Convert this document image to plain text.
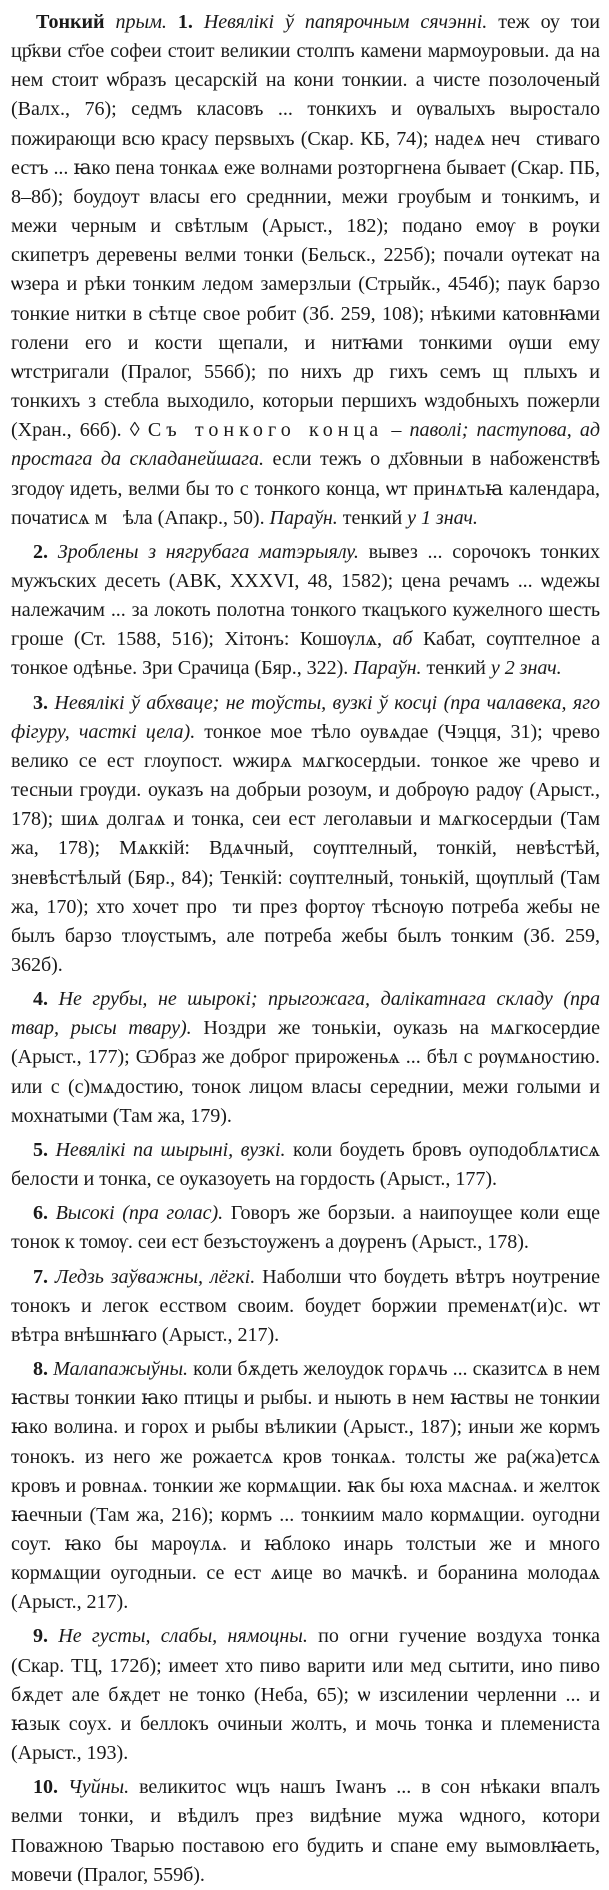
Тонкий прым. 1. Невялікі ў папярочным сячэнні. теж оу тои цр҃кви ст҃ое софеи стоит великии столпъ камени мармоуровыи. да на нем стоит ѡбразъ цесарскій на кони тонкии. а чисте позолоченый (Валх., 76); седмъ класовъ ... тонкихъ и ѹвалыхъ выростало пожирающи всю красу перѕвыхъ (Скар. КБ, 74); надеѧ неч꙯стиваго естъ ... ꙗко пена тонкаѧ еже волнами розторгнена бывает (Скар. ПБ, 8–8б); боудоут власы его средннии, межи гроубым и тонкимъ, и межи черным и свѣтлым (Арыст., 182); подано емѹ в рѹки скипетръ деревены велми тонки (Бельск., 225б); почали ѹтекат на ѡзера и рѣки тонким ледом замерзлыи (Стрыйк., 454б); паук барзо тонкие нитки в сѣтце свое робит (Зб. 259, 108); нѣкими катовнꙗми голени его и кости щепали, и нитꙗми тонкими ѹши ему ѡтстригали (Пралог, 556б); по нихъ дрꙋгихъ семъ щꙋплыхъ и тонкихъ з стебла выходило, которыи першихъ ѡздобныхъ пожерли (Хран., 66б). ◊ Съ тонкого конца – паволі; паступова, ад простага да складанейшага. если тежъ о дх҃овныи в набоженствѣ згодѹ идеть, велми бы то с тонкого конца, ѡт принѧтьꙗ календара, початисѧ м꙯ѣла (Апакр., 50). Параўн. тенкий у 1 знач.

2. Зроблены з нягрубага матэрыялу. вывез ... сорочокъ тонких мужъских десеть (АВК, XXXVI, 48, 1582); цена речамъ ... ѡдежы належачим ... за локоть полотна тонкого ткацъкого кужелного шесть гроше (Ст. 1588, 516); Хітонъ: Кошѹлѧ, аб Кабат, сѹптелное а тонкое одѣнье. Зри Срачица (Бяр., 322). Параўн. тенкий у 2 знач.

3. Невялікі ў абхваце; не тоўсты, вузкі ў косці (пра чалавека, яго фігуру, часткі цела). тонкое мое тѣло оувѧдае (Чэцця, 31); чрево велико се ест глоупост. ѡжирѧ мѧгкосердыи. тонкое же чрево и тесныи грѹди. оуказъ на добрыи розоум, и добрѹю радѹ (Арыст., 178); шиѧ долгаѧ и тонка, сеи ест леголавыи и мѧгкосердыи (Там жа, 178); Мѧккій: Вдѧчный, сѹптелный, тонкій, невѣстѣй, зневѣстѣлый (Бяр., 84); Тенкій: сѹптелный, тонькій, щѹплый (Там жа, 170); хто хочет про꙯ти през фортѹ тѣснѹю потреба жебы не былъ барзо тлѹстымъ, але потреба жебы былъ тонким (Зб. 259, 362б).

4. Не грубы, не шырокі; прыгожага, далікатнага складу (пра твар, рысы твару). Ноздри же тонькіи, оуказь на мѧгкосердие (Арыст., 177); Ѡбраз же доброг прироженьѧ ... бѣл с рѹмѧностию. или с (с)мѧдостию, тонок лицом власы середнии, межи голыми и мохнатыми (Там жа, 179).

5. Невялікі па шырыні, вузкі. коли боудеть бровъ оуподоблѧтисѧ белости и тонка, се оуказоуеть на гордость (Арыст., 177).

6. Высокі (пра голас). Говоръ же борзыи. а наипоущее коли еще тонок к томѹ. сеи ест безъстоуженъ а дѹренъ (Арыст., 178).

7. Ледзь заўважны, лёгкі. Наболши что бѹдеть вѣтръ ноутрение тонокъ и легок есством своим. боудет боржии пременѧт(и)с. ѡт вѣтра внѣшнꙗго (Арыст., 217).

8. Малапажыўны. коли бѫдеть желоудок горѧчь ... сказитсѧ в нем ꙗствы тонкии ꙗко птицы и рыбы. и ныють в нем ꙗствы не тонкии ꙗко волина. и горох и рыбы вѣликии (Арыст., 187); иныи же кормъ тонокъ. из него же рожаетсѧ кров тонкаѧ. толсты же ра(жа)етсѧ кровъ и ровнаѧ. тонкии же кормѧщии. ꙗк бы юха мѧснаѧ. и желток ꙗечныи (Там жа, 216); кормъ ... тонкиим мало кормѧщии. оугодни соут. ꙗко бы марѹлѧ. и ꙗблоко инарь толстыи же и много кормѧщии оугодныи. се ест ѧице во мачкѣ. и боранина молодаѧ (Арыст., 217).

9. Не густы, слабы, нямоцны. по огни гучение воздуха тонка (Скар. ТЦ, 172б); имеет хто пиво варити или мед сытити, ино пиво бѫдет але бѫдет не тонко (Неба, 65); ѡ изсилении черленни ... и ꙗзык соух. и беллокъ очиныи жолть, и мочь тонка и племениста (Арыст., 193).

10. Чуйны. великитос ѡцъ нашъ Iwанъ ... в сон нѣкаки впалъ велми тонки, и вѣдилъ през видѣние мужа ѡдного, котори Поважною Тварью поставою его будить и спане ему вымовлꙗеть, мовечи (Пралог, 559б).
